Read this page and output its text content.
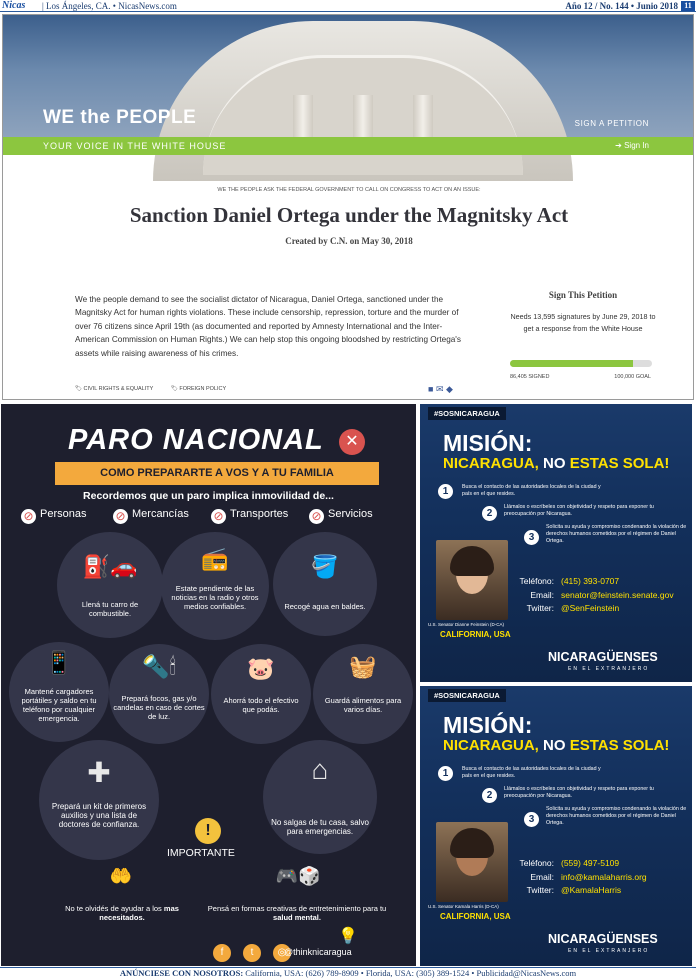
Nicas | Los Ángeles, CA. • NicasNews.com	Año 12 / No. 144 • Junio 2018 11
WE the PEOPLE	SIGN A PETITION
YOUR VOICE IN THE WHITE HOUSE	➔ Sign In
WE THE PEOPLE ASK THE FEDERAL GOVERNMENT TO CALL ON CONGRESS TO ACT ON AN ISSUE:
Sanction Daniel Ortega under the Magnitsky Act
Created by C.N. on May 30, 2018
We the people demand to see the socialist dictator of Nicaragua, Daniel Ortega, sanctioned under the Magnitsky Act for human rights violations. These include censorship, repression, torture and the murder of over 76 citizens since April 19th (as documented and reported by Amnesty International and the Inter-American Commission on Human Rights.) We can help stop this ongoing bloodshed by restricting Ortega's assets while raising awareness of his crimes.
Sign This Petition
Needs 13,595 signatures by June 29, 2018 to get a response from the White House
86,405 SIGNED	100,000 GOAL
🏷 CIVIL RIGHTS & EQUALITY	🏷 FOREIGN POLICY	■ ✉ ◆
PARO NACIONAL	✕
COMO PREPARARTE A VOS Y A TU FAMILIA
Recordemos que un paro implica inmovilidad de...
⊘ Personas ⊘ Mercancías ⊘ Transportes ⊘ Servicios
⛽🚗
Llená tu carro de combustible.
📻
Estate pendiente de las noticias en la radio y otros medios confiables.
🪣
Recogé agua en baldes.
📱
Mantené cargadores portátiles y saldo en tu teléfono por cualquier emergencia.
🔦🕯
Prepará focos, gas y/o candelas en caso de cortes de luz.
🐷
Ahorrá todo el efectivo que podás.
🧺
Guardá alimentos para varios días.
✚
Prepará un kit de primeros auxilios y una lista de doctores de confianza.
⌂
No salgas de tu casa, salvo para emergencias.
!
IMPORTANTE
🤲
No te olvidés de ayudar a los mas necesitados.
🎮🎲
Pensá en formas creativas de entretenimiento para tu salud mental.
f	t	◎
@thinknicaragua
💡
#SOSNICARAGUA
MISIÓN:
NICARAGUA, NO ESTAS SOLA!
1	Busca el contacto de las autoridades locales de la ciudad y país en el que resides.
2
Llámalos o escríbeles con objetividad y respeto para exponer tu preocupación por Nicaragua.
3
Solicita su ayuda y compromiso condenando la violación de derechos humanos cometidos por el régimen de Daniel Ortega.
U.S. Senator Dianne Feinstein (D-CA)
CALIFORNIA, USA
Teléfono: (415) 393-0707
Email: senator@feinstein.senate.gov
Twitter: @SenFeinstein
NICARAGÜENSES
EN EL EXTRANJERO
#SOSNICARAGUA
MISIÓN:
NICARAGUA, NO ESTAS SOLA!
1	Busca el contacto de las autoridades locales de la ciudad y país en el que resides.
2
Llámalos o escríbeles con objetividad y respeto para exponer tu preocupación por Nicaragua.
3
Solicita su ayuda y compromiso condenando la violación de derechos humanos cometidos por el régimen de Daniel Ortega.
U.S. Senator Kamala Harris (D-CA)
CALIFORNIA, USA
Teléfono: (559) 497-5109
Email: info@kamalaharris.org
Twitter: @KamalaHarris
NICARAGÜENSES
EN EL EXTRANJERO
ANÚNCIESE CON NOSOTROS: California, USA: (626) 789-8909 • Florida, USA: (305) 389-1524 • Publicidad@NicasNews.com
